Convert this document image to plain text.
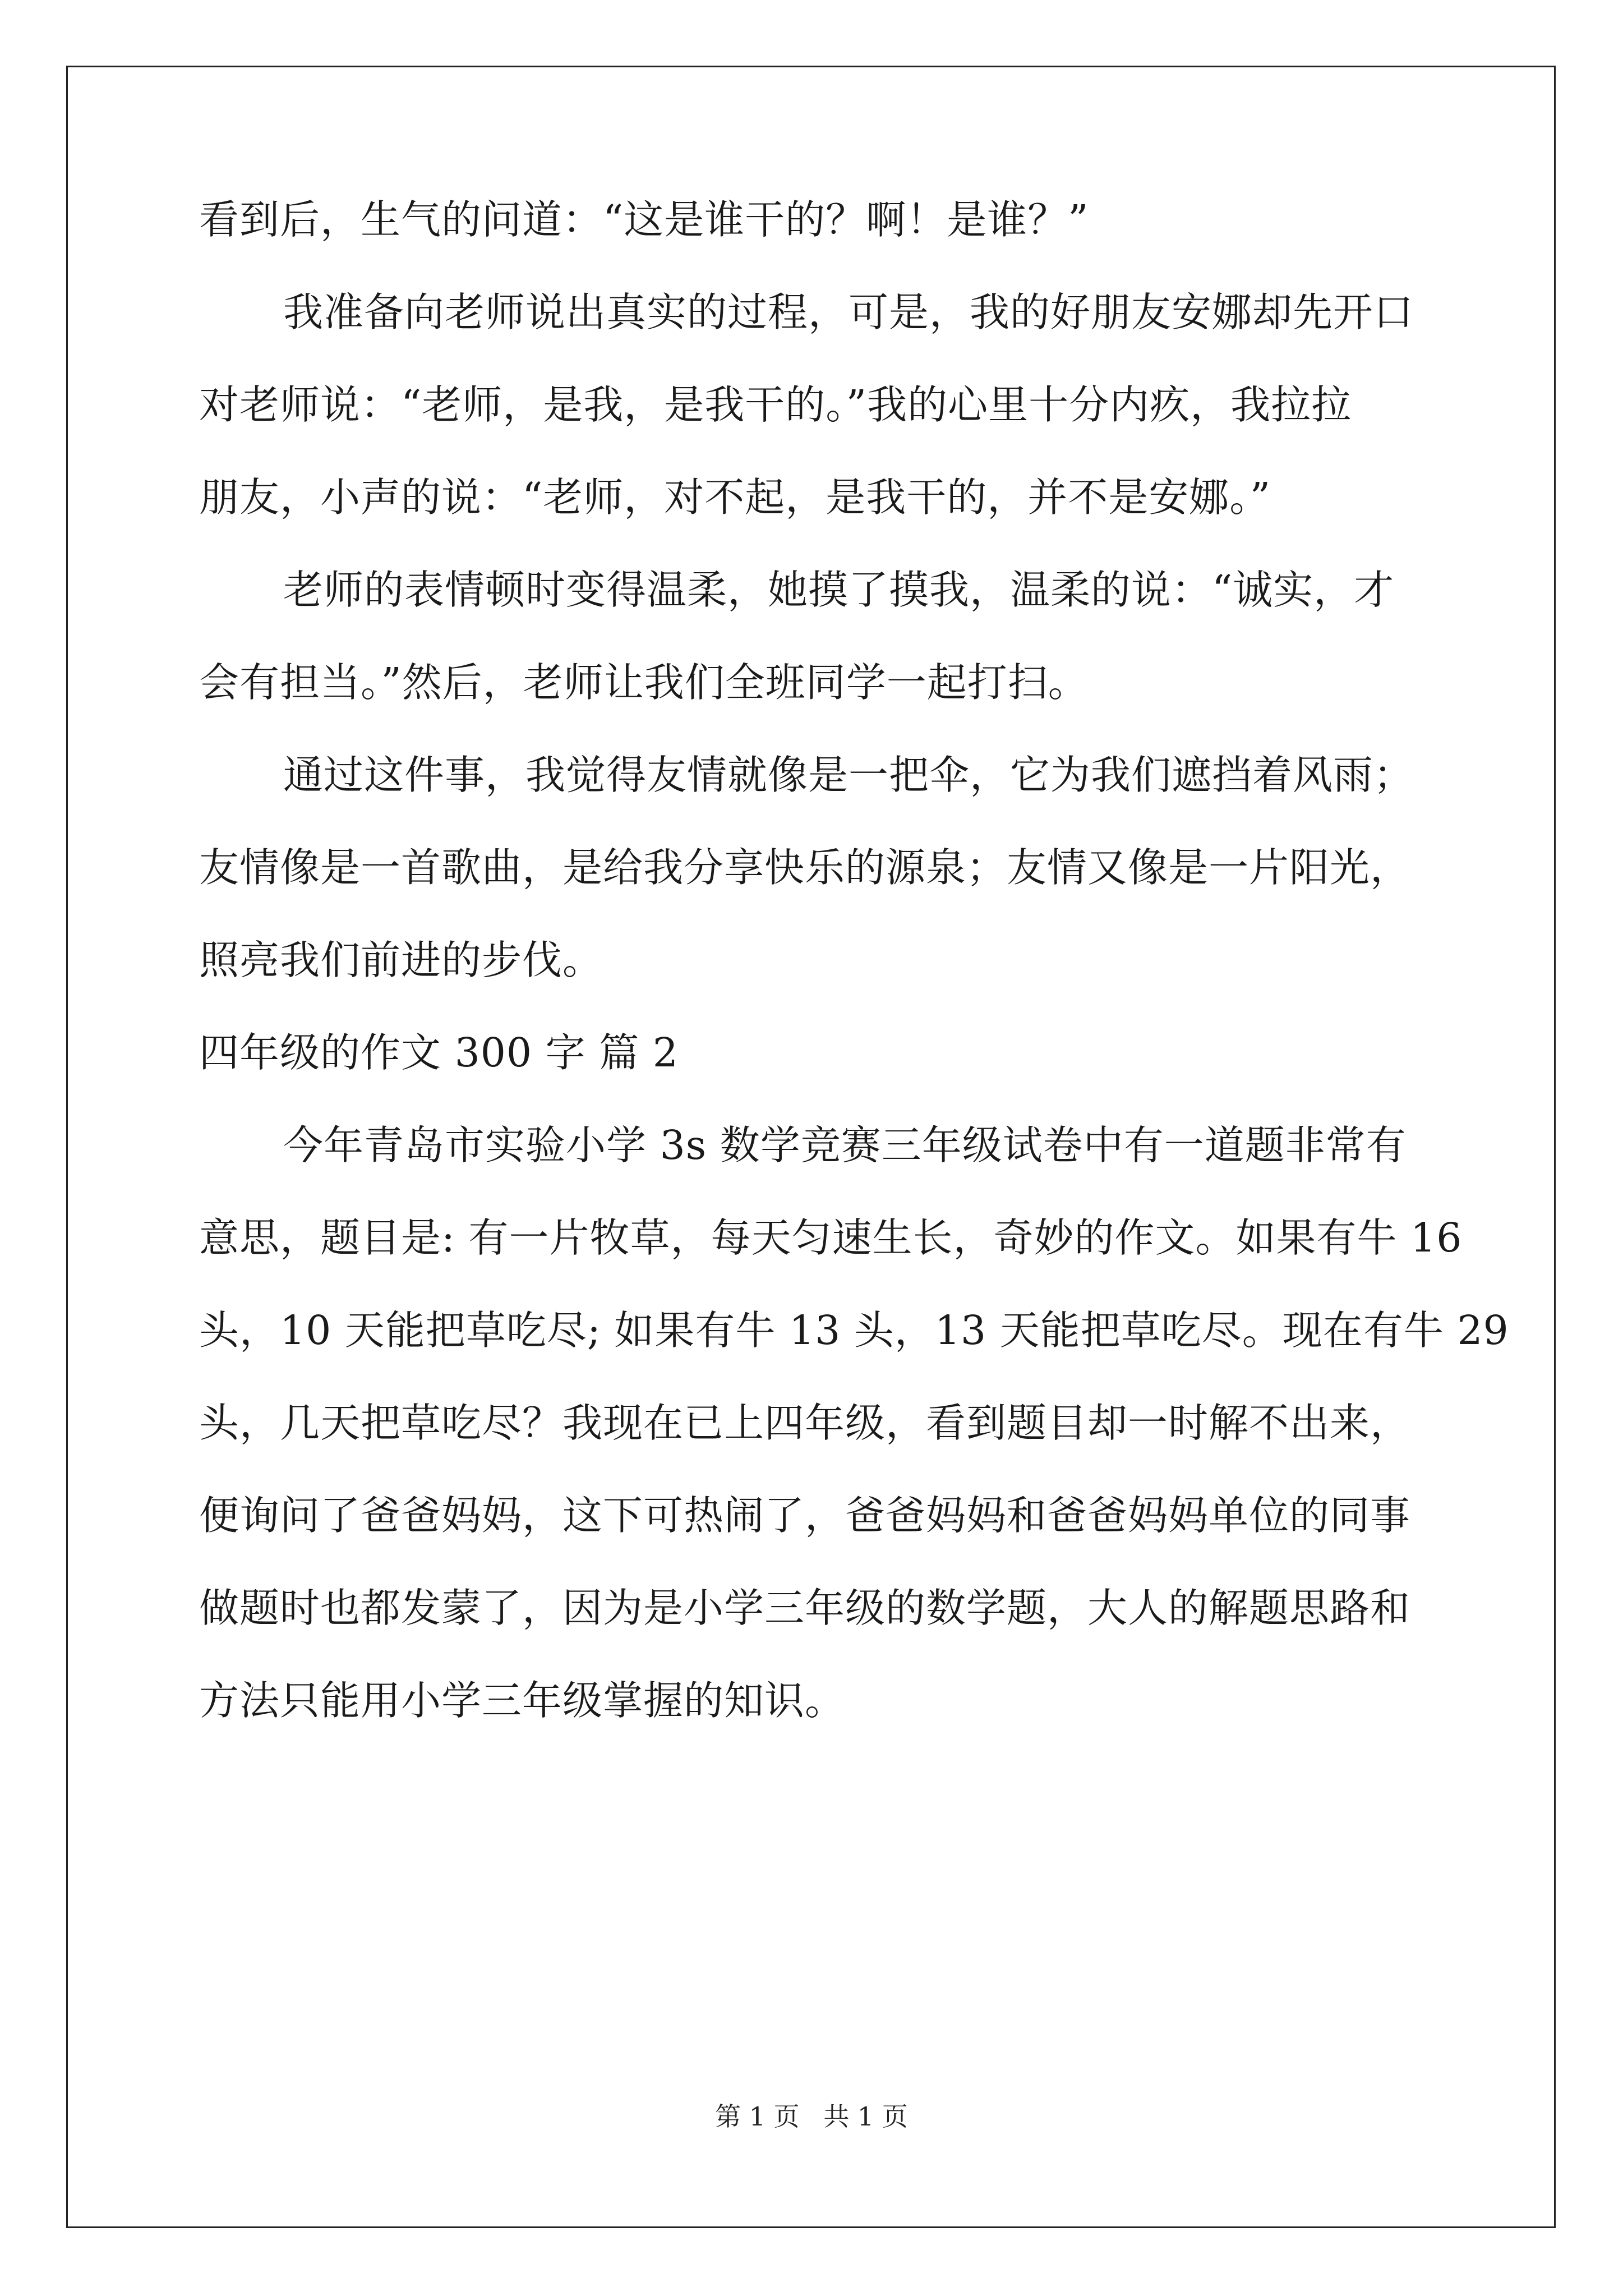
看到后，生气的问道：“这是谁干的？啊！是谁？”
我准备向老师说出真实的过程，可是，我的好朋友安娜却先开口
对老师说：“老师，是我，是我干的。”我的心里十分内疚，我拉拉
朋友，小声的说：“老师，对不起，是我干的，并不是安娜。”
老师的表情顿时变得温柔，她摸了摸我，温柔的说：“诚实，才
会有担当。”然后，老师让我们全班同学一起打扫。
通过这件事，我觉得友情就像是一把伞，它为我们遮挡着风雨；
友情像是一首歌曲，是给我分享快乐的源泉；友情又像是一片阳光，
照亮我们前进的步伐。
四年级的作文 300 字 篇 2
今年青岛市实验小学 3s 数学竞赛三年级试卷中有一道题非常有
意思，题目是: 有一片牧草，每天匀速生长，奇妙的作文。如果有牛 16
头，10 天能把草吃尽; 如果有牛 13 头，13 天能把草吃尽。现在有牛 29
头，几天把草吃尽？我现在已上四年级，看到题目却一时解不出来，
便询问了爸爸妈妈，这下可热闹了，爸爸妈妈和爸爸妈妈单位的同事
做题时也都发蒙了，因为是小学三年级的数学题，大人的解题思路和
方法只能用小学三年级掌握的知识。
第 1 页 共 1 页
